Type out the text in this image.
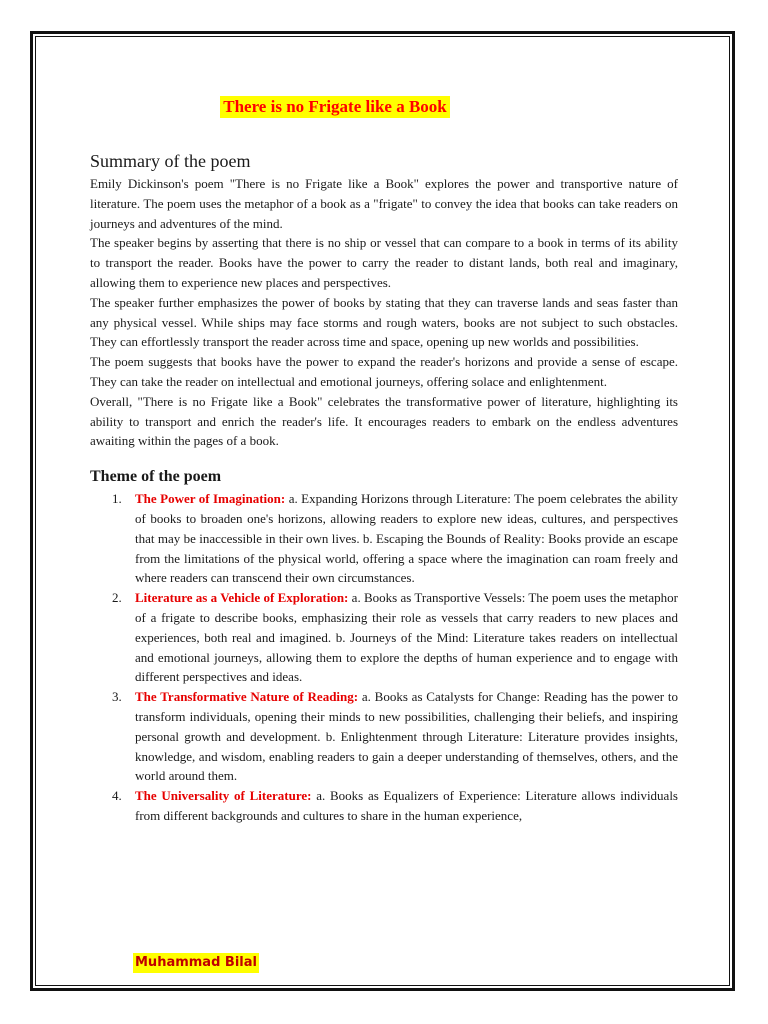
There is no Frigate like a Book
Summary of the poem

Emily Dickinson's poem "There is no Frigate like a Book" explores the power and transportive nature of literature. The poem uses the metaphor of a book as a "frigate" to convey the idea that books can take readers on journeys and adventures of the mind.

The speaker begins by asserting that there is no ship or vessel that can compare to a book in terms of its ability to transport the reader. Books have the power to carry the reader to distant lands, both real and imaginary, allowing them to experience new places and perspectives.

The speaker further emphasizes the power of books by stating that they can traverse lands and seas faster than any physical vessel. While ships may face storms and rough waters, books are not subject to such obstacles. They can effortlessly transport the reader across time and space, opening up new worlds and possibilities.

The poem suggests that books have the power to expand the reader's horizons and provide a sense of escape. They can take the reader on intellectual and emotional journeys, offering solace and enlightenment.

Overall, "There is no Frigate like a Book" celebrates the transformative power of literature, highlighting its ability to transport and enrich the reader's life. It encourages readers to embark on the endless adventures awaiting within the pages of a book.

Theme of the poem
1. The Power of Imagination: a. Expanding Horizons through Literature: The poem celebrates the ability of books to broaden one's horizons, allowing readers to explore new ideas, cultures, and perspectives that may be inaccessible in their own lives. b. Escaping the Bounds of Reality: Books provide an escape from the limitations of the physical world, offering a space where the imagination can roam freely and where readers can transcend their own circumstances.
2. Literature as a Vehicle of Exploration: a. Books as Transportive Vessels: The poem uses the metaphor of a frigate to describe books, emphasizing their role as vessels that carry readers to new places and experiences, both real and imagined. b. Journeys of the Mind: Literature takes readers on intellectual and emotional journeys, allowing them to explore the depths of human experience and to engage with different perspectives and ideas.
3. The Transformative Nature of Reading: a. Books as Catalysts for Change: Reading has the power to transform individuals, opening their minds to new possibilities, challenging their beliefs, and inspiring personal growth and development. b. Enlightenment through Literature: Literature provides insights, knowledge, and wisdom, enabling readers to gain a deeper understanding of themselves, others, and the world around them.
4. The Universality of Literature: a. Books as Equalizers of Experience: Literature allows individuals from different backgrounds and cultures to share in the human experience,
Muhammad Bilal
